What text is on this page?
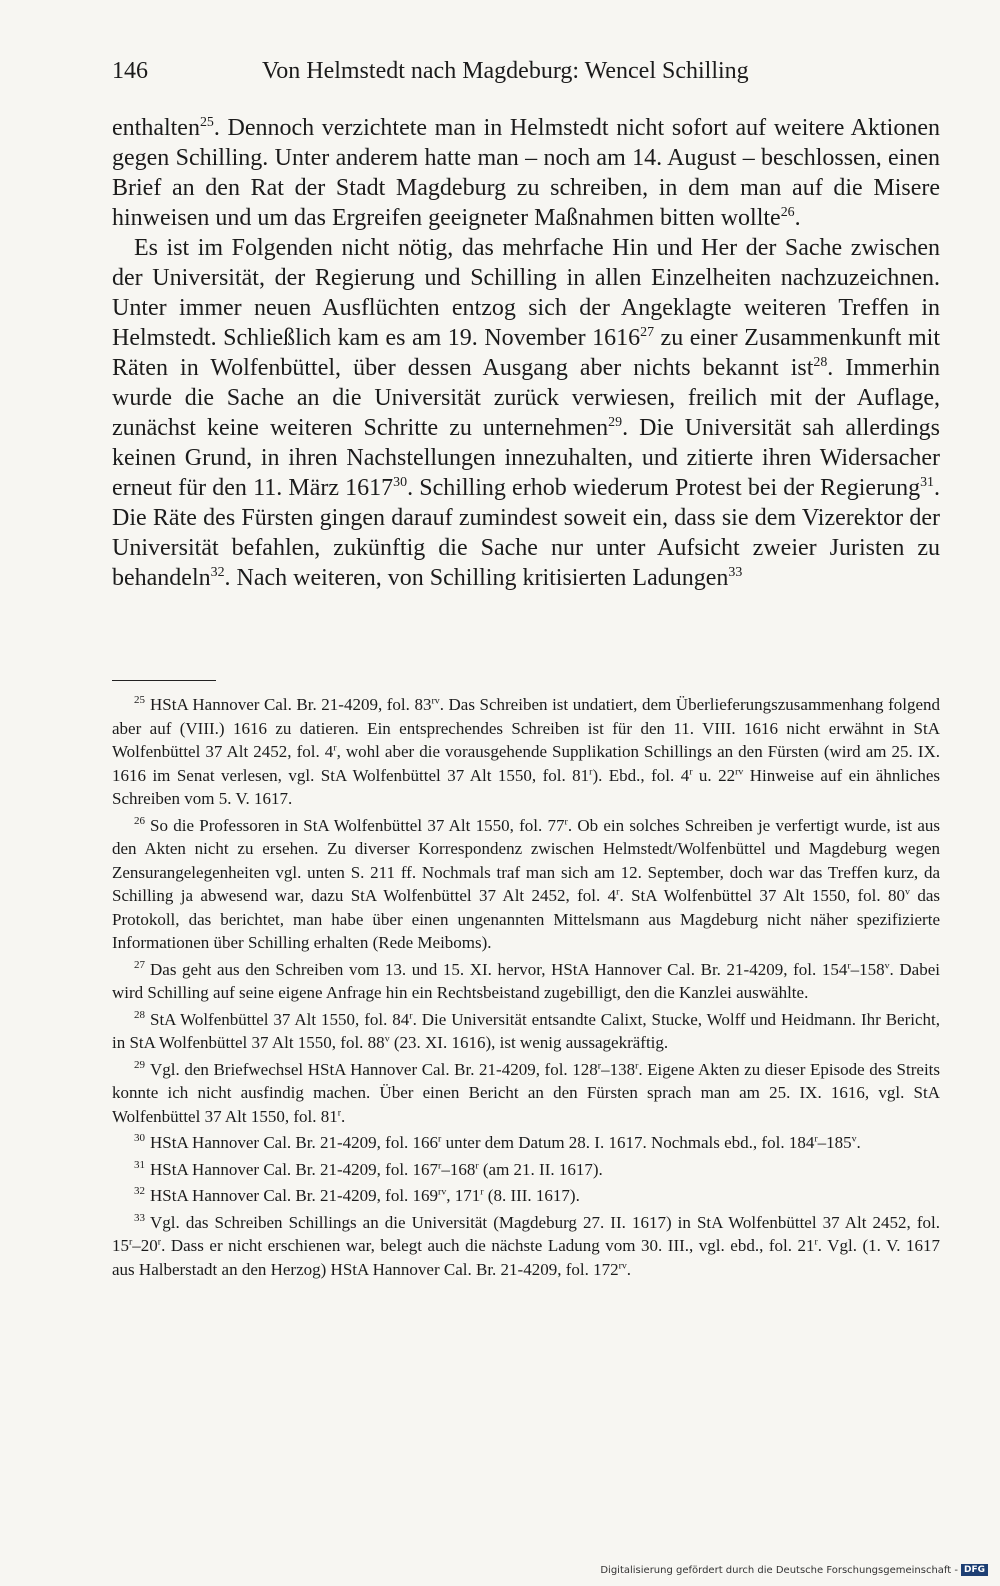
146	Von Helmstedt nach Magdeburg: Wencel Schilling

enthalten$^{25}$. Dennoch verzichtete man in Helmstedt nicht sofort auf weitere Aktionen gegen Schilling. Unter anderem hatte man – noch am 14. August – beschlossen, einen Brief an den Rat der Stadt Magdeburg zu schreiben, in dem man auf die Misere hinweisen und um das Ergreifen geeigneter Maßnahmen bitten wollte$^{26}$.

Es ist im Folgenden nicht nötig, das mehrfache Hin und Her der Sache zwischen der Universität, der Regierung und Schilling in allen Einzelheiten nachzuzeichnen. Unter immer neuen Ausflüchten entzog sich der Angeklagte weiteren Treffen in Helmstedt. Schließlich kam es am 19. November 1616$^{27}$ zu einer Zusammenkunft mit Räten in Wolfenbüttel, über dessen Ausgang aber nichts bekannt ist$^{28}$. Immerhin wurde die Sache an die Universität zurück verwiesen, freilich mit der Auflage, zunächst keine weiteren Schritte zu unternehmen$^{29}$. Die Universität sah allerdings keinen Grund, in ihren Nachstellungen innezuhalten, und zitierte ihren Widersacher erneut für den 11. März 1617$^{30}$. Schilling erhob wiederum Protest bei der Regierung$^{31}$. Die Räte des Fürsten gingen darauf zumindest soweit ein, dass sie dem Vizerektor der Universität befahlen, zukünftig die Sache nur unter Aufsicht zweier Juristen zu behandeln$^{32}$. Nach weiteren, von Schilling kritisierten Ladungen$^{33}$

$^{25}$ HStA Hannover Cal. Br. 21-4209, fol. $83^{rv}$. Das Schreiben ist undatiert, dem Überlieferungszusammenhang folgend aber auf (VIII.) 1616 zu datieren. Ein entsprechendes Schreiben ist für den 11. VIII. 1616 nicht erwähnt in StA Wolfenbüttel 37 Alt 2452, fol. 4$^r$, wohl aber die vorausgehende Supplikation Schillings an den Fürsten (wird am 25. IX. 1616 im Senat verlesen, vgl. StA Wolfenbüttel 37 Alt 1550, fol. 81$^r$). Ebd., fol. 4$^r$ u. $22^{rv}$ Hinweise auf ein ähnliches Schreiben vom 5. V. 1617.

$^{26}$ So die Professoren in StA Wolfenbüttel 37 Alt 1550, fol. 77$^r$. Ob ein solches Schreiben je verfertigt wurde, ist aus den Akten nicht zu ersehen. Zu diverser Korrespondenz zwischen Helmstedt/Wolfenbüttel und Magdeburg wegen Zensurangelegenheiten vgl. unten S. 211 ff. Nochmals traf man sich am 12. September, doch war das Treffen kurz, da Schilling ja abwesend war, dazu StA Wolfenbüttel 37 Alt 2452, fol. 4$^r$. StA Wolfenbüttel 37 Alt 1550, fol. 80$^v$ das Protokoll, das berichtet, man habe über einen ungenannten Mittelsmann aus Magdeburg nicht näher spezifizierte Informationen über Schilling erhalten (Rede Meiboms).

$^{27}$ Das geht aus den Schreiben vom 13. und 15. XI. hervor, HStA Hannover Cal. Br. 21-4209, fol. 154$^r$–158$^v$. Dabei wird Schilling auf seine eigene Anfrage hin ein Rechtsbeistand zugebilligt, den die Kanzlei auswählte.

$^{28}$ StA Wolfenbüttel 37 Alt 1550, fol. 84$^r$. Die Universität entsandte Calixt, Stucke, Wolff und Heidmann. Ihr Bericht, in StA Wolfenbüttel 37 Alt 1550, fol. 88$^v$ (23. XI. 1616), ist wenig aussagekräftig.

$^{29}$ Vgl. den Briefwechsel HStA Hannover Cal. Br. 21-4209, fol. 128$^r$–138$^r$. Eigene Akten zu dieser Episode des Streits konnte ich nicht ausfindig machen. Über einen Bericht an den Fürsten sprach man am 25. IX. 1616, vgl. StA Wolfenbüttel 37 Alt 1550, fol. 81$^r$.

$^{30}$ HStA Hannover Cal. Br. 21-4209, fol. 166$^r$ unter dem Datum 28. I. 1617. Nochmals ebd., fol. 184$^r$–185$^v$.

$^{31}$ HStA Hannover Cal. Br. 21-4209, fol. 167$^r$–168$^r$ (am 21. II. 1617).

$^{32}$ HStA Hannover Cal. Br. 21-4209, fol. $169^{rv}$, 171$^r$ (8. III. 1617).

$^{33}$ Vgl. das Schreiben Schillings an die Universität (Magdeburg 27. II. 1617) in StA Wolfenbüttel 37 Alt 2452, fol. 15$^r$–20$^r$. Dass er nicht erschienen war, belegt auch die nächste Ladung vom 30. III., vgl. ebd., fol. 21$^r$. Vgl. (1. V. 1617 aus Halberstadt an den Herzog) HStA Hannover Cal. Br. 21-4209, fol. $172^{rv}$.

Digitalisierung gefördert durch die Deutsche Forschungsgemeinschaft - DFG
